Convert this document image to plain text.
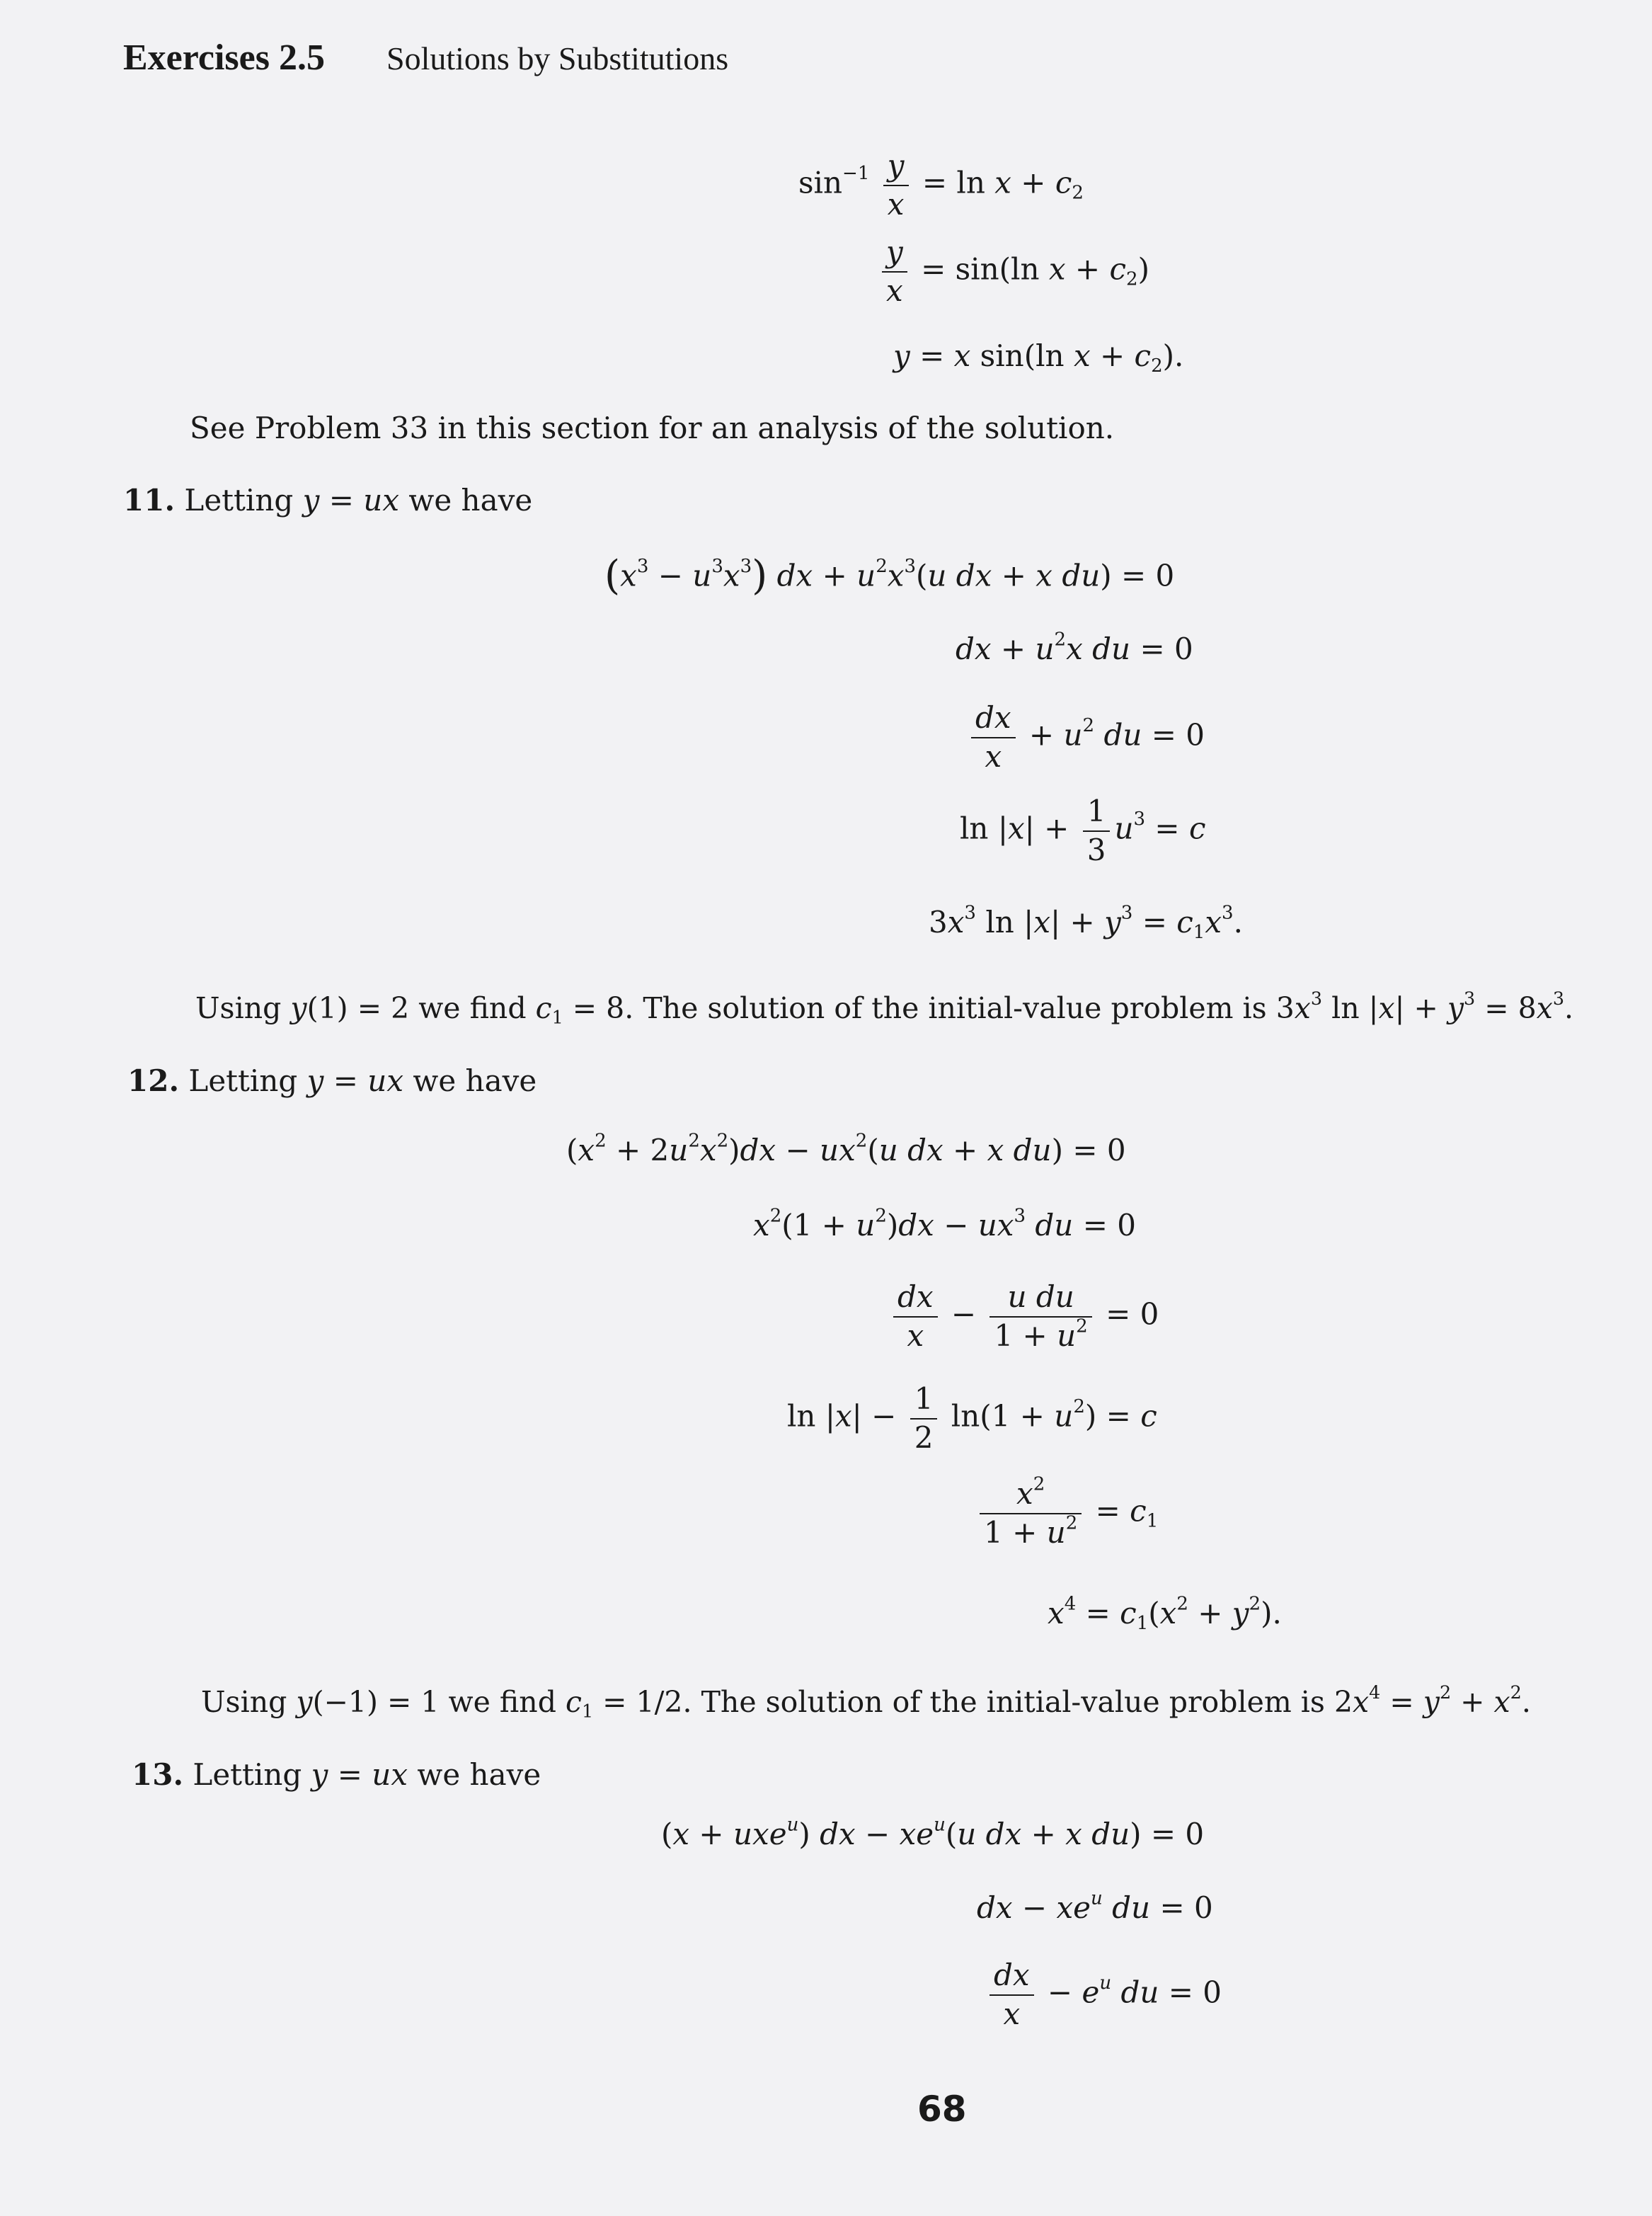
Exercises 2.5 Solutions by Substitutions
$\sin^{-1} \frac{y}{x} = \ln x + c_2$
$\frac{y}{x} = \sin(\ln$ $x + c_2$)
y = x sin(ln $x + c_2$).
See Problem 33 in this section for an analysis of the solution.
11. Letting y = ux we have
$(x^3 - u^3x^3)$ dx + $u^2x^3(u$ dx + x du) = 0
dx + $u^2x$ du = 0
$\frac{dx}{x} + u^2$ du = 0
$\ln |x| + \frac{1}{3} u^3 = c$
$3x^3$ $\ln |x| + y^3 = c_1x^3$.
Using y(1) = 2 we find $c_1 = 8$. The solution of the initial-value problem is $3x^3$ $\ln |x| + y^3 = 8x^3$.
12. Letting y = ux we have
$(x^2 + 2u^2x^2)dx - ux^2(u$ dx + x du) = 0
$x^2(1 + u^2)dx - ux^3$ du = 0
$\frac{dx}{x} - \frac{\text{u du}}{1 + u^2} = 0$
$\ln |x| - \frac{1}{2} \ln(1 + u^2) = c$
$\frac{x^2}{1 + u^2} = c_1$
$x^4 = c_1(x^2 + y^2)$.
Using y(−1) = 1 we find $c_1 = 1/2$. The solution of the initial-value problem is $2x^4 = y^2 + x^2$.
13. Letting y = ux we have
(x + uxe$^u$) dx − $xe^u(u$ dx + x du) = 0
dx − $xe^u$ du = 0
$\frac{dx}{x} - e^u$ du = 0
68
